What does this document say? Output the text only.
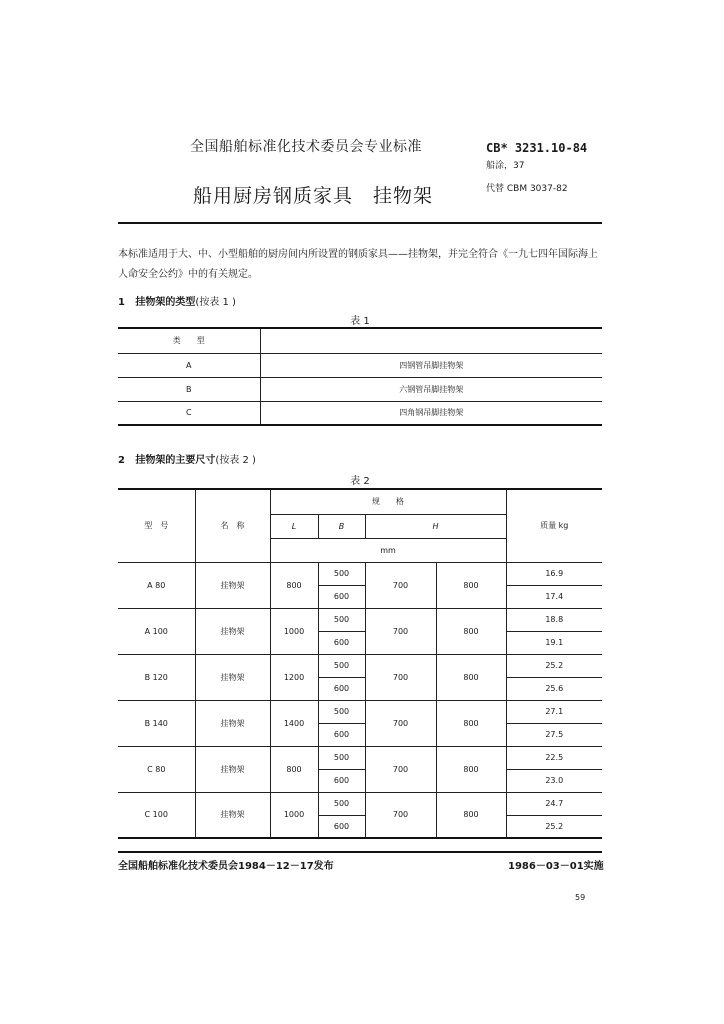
全国船舶标准化技术委员会专业标准	CB* 3231.10-84
船涂，37
船用厨房钢质家具　挂物架	代替 CBM 3037-82
本标准适用于大、中、小型船舶的厨房间内所设置的钢质家具——挂物架，并完全符合《一九七四年国际海上人命安全公约》中的有关规定。
1 挂物架的类型(按表 1 )
表 1
类　　型	
A	四钢管吊脚挂物架
B	六钢管吊脚挂物架
C	四角钢吊脚挂物架
2 挂物架的主要尺寸(按表 2 )
表 2
型　号	名　称	规　　格				质量 kg
		L	B	H		
		mm				
A 80	挂物架	800	500	700	800	16.9
			600			17.4
A 100	挂物架	1000	500	700	800	18.8
			600			19.1
B 120	挂物架	1200	500	700	800	25.2
			600			25.6
B 140	挂物架	1400	500	700	800	27.1
			600			27.5
C 80	挂物架	800	500	700	800	22.5
			600			23.0
C 100	挂物架	1000	500	700	800	24.7
			600			25.2
全国船舶标准化技术委员会1984－12－17发布	1986－03－01实施
59
